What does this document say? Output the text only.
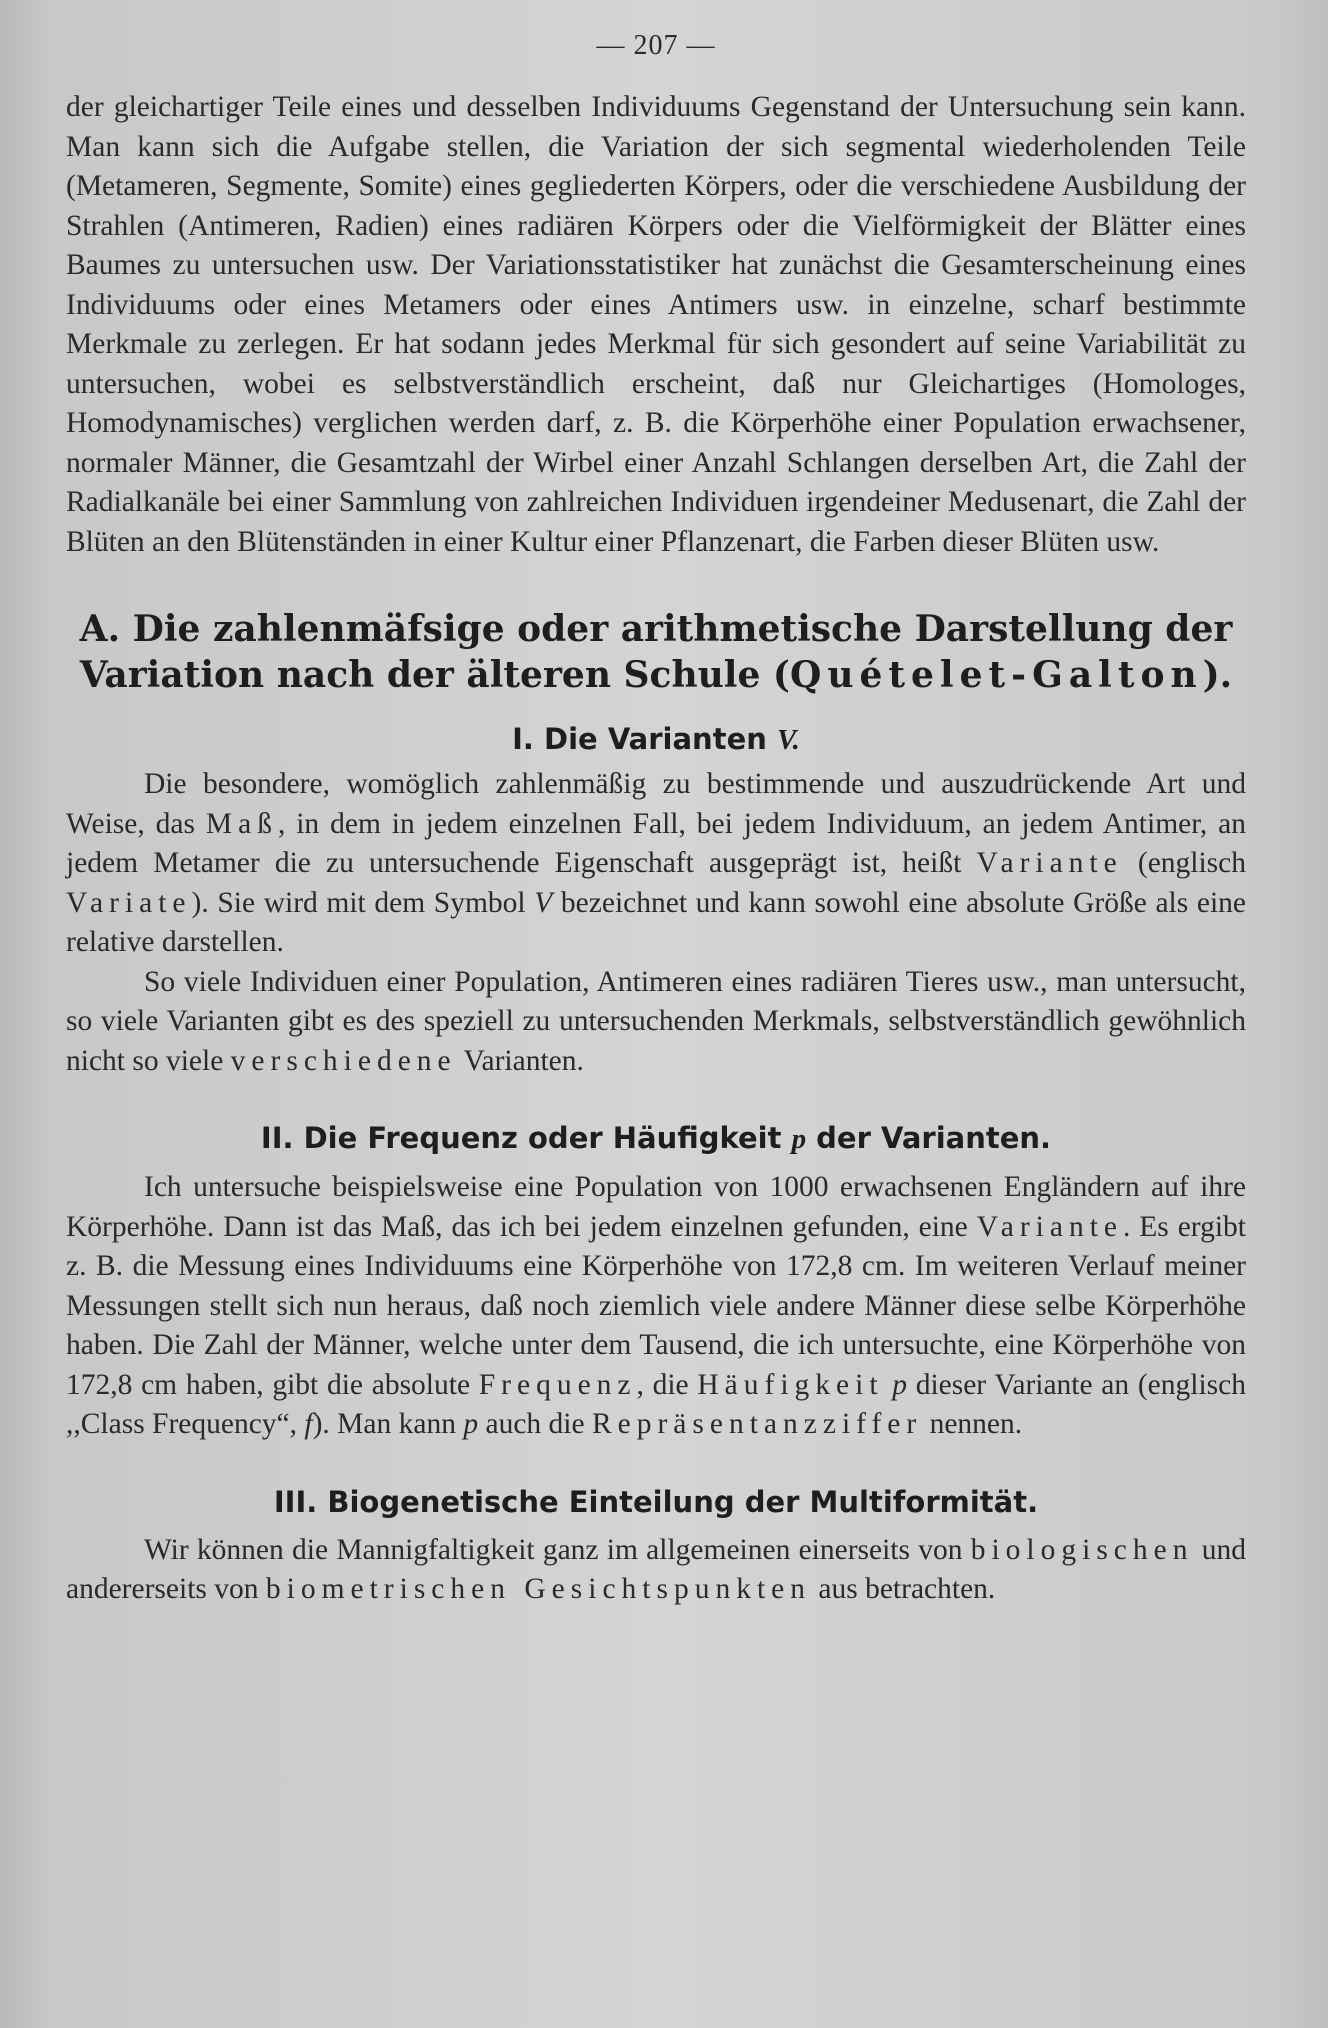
— 207 —

der gleichartiger Teile eines und desselben Individuums Gegenstand der Untersuchung sein kann. Man kann sich die Aufgabe stellen, die Variation der sich segmental wiederholenden Teile (Metameren, Segmente, Somite) eines gegliederten Körpers, oder die verschiedene Ausbildung der Strahlen (Antimeren, Radien) eines radiären Körpers oder die Vielförmigkeit der Blätter eines Baumes zu untersuchen usw. Der Variationsstatistiker hat zunächst die Gesamterscheinung eines Individuums oder eines Metamers oder eines Antimers usw. in einzelne, scharf bestimmte Merkmale zu zerlegen. Er hat sodann jedes Merkmal für sich gesondert auf seine Variabilität zu untersuchen, wobei es selbstverständlich erscheint, daß nur Gleichartiges (Homologes, Homodynamisches) verglichen werden darf, z. B. die Körperhöhe einer Population erwachsener, normaler Männer, die Gesamtzahl der Wirbel einer Anzahl Schlangen derselben Art, die Zahl der Radialkanäle bei einer Sammlung von zahlreichen Individuen irgendeiner Medusenart, die Zahl der Blüten an den Blütenständen in einer Kultur einer Pflanzenart, die Farben dieser Blüten usw.

A. Die zahlenmäfsige oder arithmetische Darstellung der
Variation nach der älteren Schule (Quételet-Galton).
I. Die Varianten V.

Die besondere, womöglich zahlenmäßig zu bestimmende und auszudrückende Art und Weise, das Maß, in dem in jedem einzelnen Fall, bei jedem Individuum, an jedem Antimer, an jedem Metamer die zu untersuchende Eigenschaft ausgeprägt ist, heißt Variante (englisch Variate). Sie wird mit dem Symbol V bezeichnet und kann sowohl eine absolute Größe als eine relative darstellen.

So viele Individuen einer Population, Antimeren eines radiären Tieres usw., man untersucht, so viele Varianten gibt es des speziell zu untersuchenden Merkmals, selbstverständlich gewöhnlich nicht so viele verschiedene Varianten.

II. Die Frequenz oder Häufigkeit p der Varianten.

Ich untersuche beispielsweise eine Population von 1000 erwachsenen Engländern auf ihre Körperhöhe. Dann ist das Maß, das ich bei jedem einzelnen gefunden, eine Variante. Es ergibt z. B. die Messung eines Individuums eine Körperhöhe von 172,8 cm. Im weiteren Verlauf meiner Messungen stellt sich nun heraus, daß noch ziemlich viele andere Männer diese selbe Körperhöhe haben. Die Zahl der Männer, welche unter dem Tausend, die ich untersuchte, eine Körperhöhe von 172,8 cm haben, gibt die absolute Frequenz, die Häufigkeit p dieser Variante an (englisch ,,Class Frequency“, f). Man kann p auch die Repräsentanzziffer nennen.

III. Biogenetische Einteilung der Multiformität.

Wir können die Mannigfaltigkeit ganz im allgemeinen einerseits von biologischen und andererseits von biometrischen Gesichtspunkten aus betrachten.
